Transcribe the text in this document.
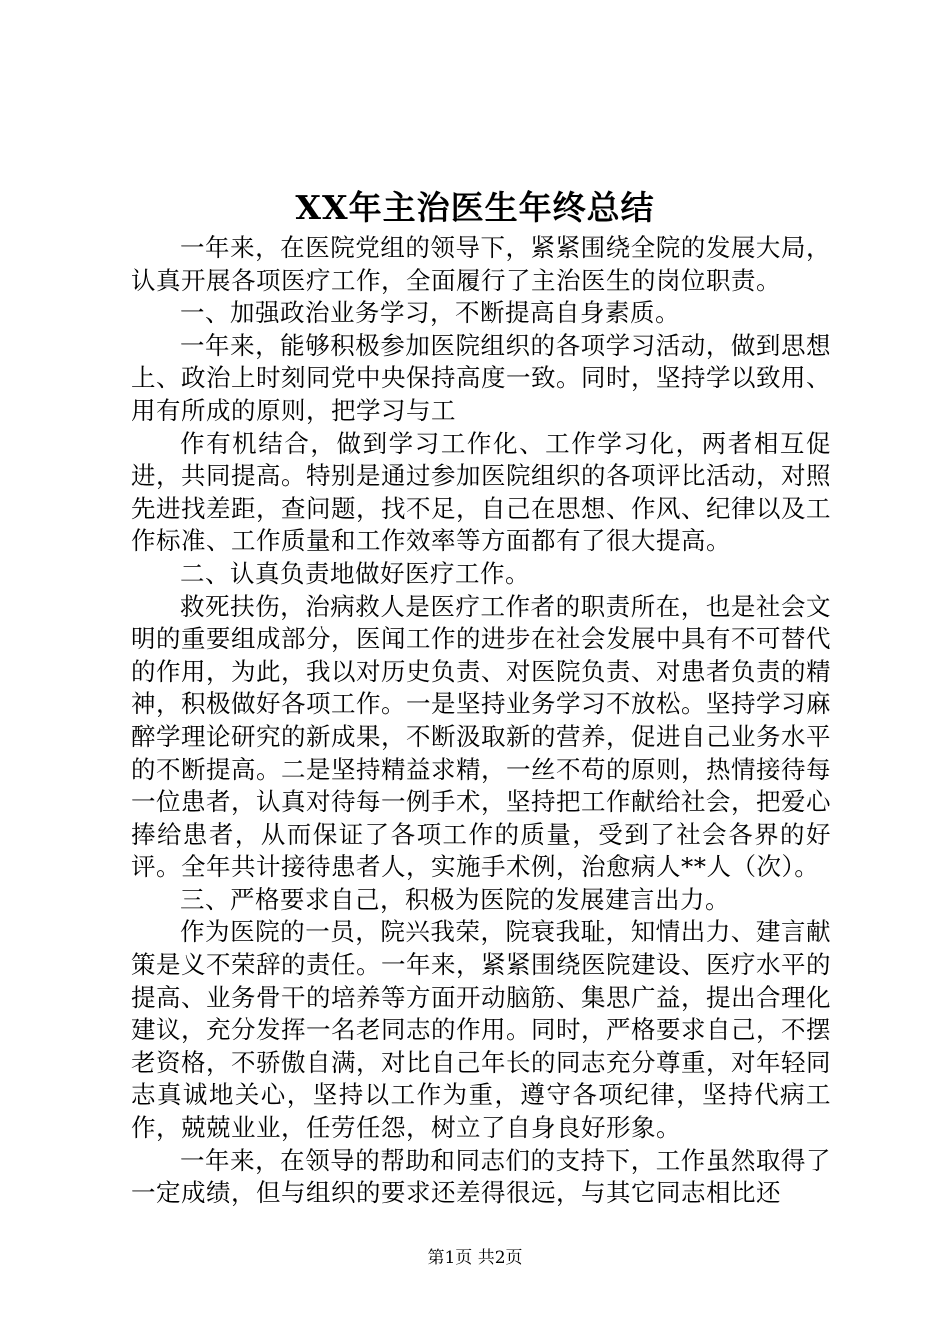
XX年主治医生年终总结

一年来，在医院党组的领导下，紧紧围绕全院的发展大局，认真开展各项医疗工作，全面履行了主治医生的岗位职责。

一、加强政治业务学习，不断提高自身素质。

一年来，能够积极参加医院组织的各项学习活动，做到思想上、政治上时刻同党中央保持高度一致。同时，坚持学以致用、用有所成的原则，把学习与工

作有机结合，做到学习工作化、工作学习化，两者相互促进，共同提高。特别是通过参加医院组织的各项评比活动，对照先进找差距，查问题，找不足，自己在思想、作风、纪律以及工作标准、工作质量和工作效率等方面都有了很大提高。

二、认真负责地做好医疗工作。

救死扶伤，治病救人是医疗工作者的职责所在，也是社会文明的重要组成部分，医闻工作的进步在社会发展中具有不可替代的作用，为此，我以对历史负责、对医院负责、对患者负责的精神，积极做好各项工作。一是坚持业务学习不放松。坚持学习麻醉学理论研究的新成果，不断汲取新的营养，促进自己业务水平的不断提高。二是坚持精益求精，一丝不苟的原则，热情接待每一位患者，认真对待每一例手术，坚持把工作献给社会，把爱心捧给患者，从而保证了各项工作的质量，受到了社会各界的好评。全年共计接待患者人，实施手术例，治愈病人**人（次）。

三、严格要求自己，积极为医院的发展建言出力。

作为医院的一员，院兴我荣，院衰我耻，知情出力、建言献策是义不荣辞的责任。一年来，紧紧围绕医院建设、医疗水平的提高、业务骨干的培养等方面开动脑筋、集思广益，提出合理化建议，充分发挥一名老同志的作用。同时，严格要求自己，不摆老资格，不骄傲自满，对比自己年长的同志充分尊重，对年轻同志真诚地关心，坚持以工作为重，遵守各项纪律，坚持代病工作，兢兢业业，任劳任怨，树立了自身良好形象。

一年来，在领导的帮助和同志们的支持下，工作虽然取得了一定成绩，但与组织的要求还差得很远，与其它同志相比还

第1页 共2页
